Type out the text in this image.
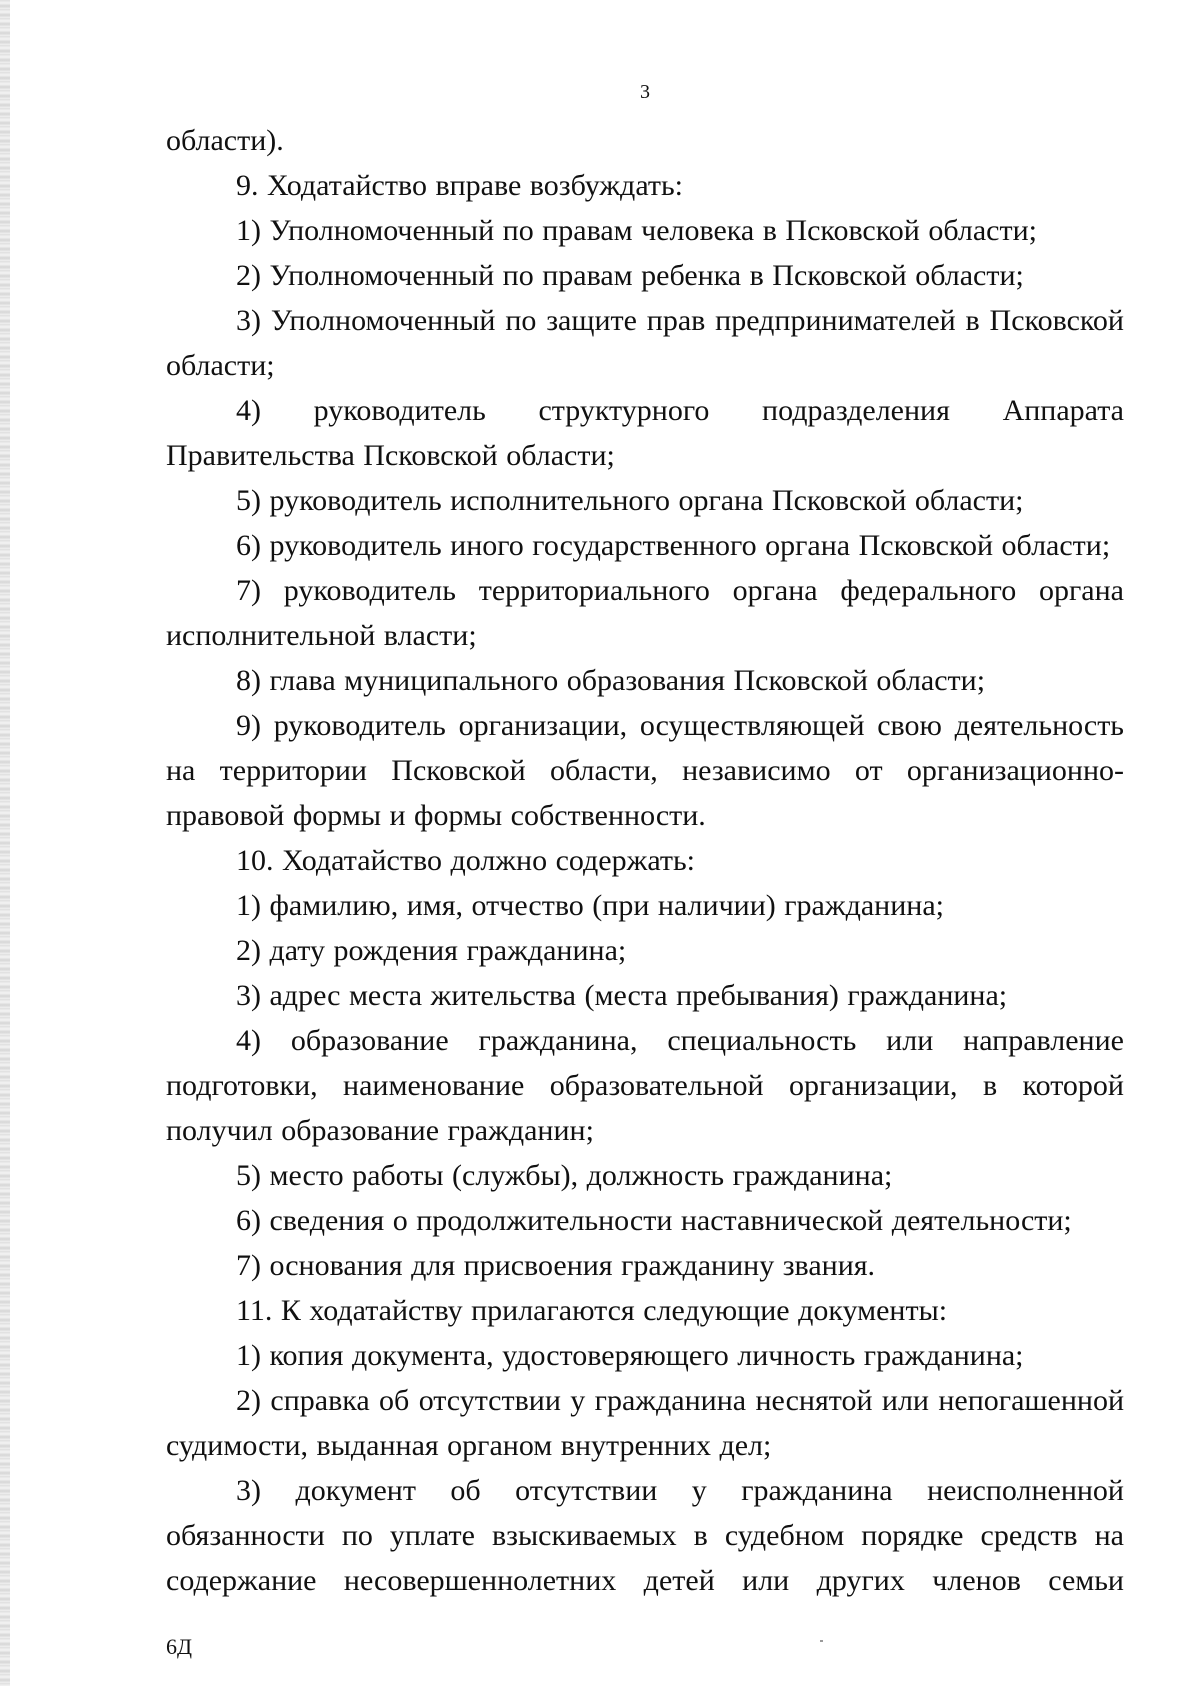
3

области).

9. Ходатайство вправе возбуждать:

1) Уполномоченный по правам человека в Псковской области;

2) Уполномоченный по правам ребенка в Псковской области;

3) Уполномоченный по защите прав предпринимателей в Псковской области;

4) руководитель структурного подразделения Аппарата Правительства Псковской области;

5) руководитель исполнительного органа Псковской области;

6) руководитель иного государственного органа Псковской области;

7) руководитель территориального органа федерального органа исполнительной власти;

8) глава муниципального образования Псковской области;

9) руководитель организации, осуществляющей свою деятельность на территории Псковской области, независимо от организационно-правовой формы и формы собственности.

10. Ходатайство должно содержать:

1) фамилию, имя, отчество (при наличии) гражданина;

2) дату рождения гражданина;

3) адрес места жительства (места пребывания) гражданина;

4) образование гражданина, специальность или направление подготовки, наименование образовательной организации, в которой получил образование гражданин;

5) место работы (службы), должность гражданина;

6) сведения о продолжительности наставнической деятельности;

7) основания для присвоения гражданину звания.

11. К ходатайству прилагаются следующие документы:

1) копия документа, удостоверяющего личность гражданина;

2) справка об отсутствии у гражданина неснятой или непогашенной судимости, выданная органом внутренних дел;

3) документ об отсутствии у гражданина неисполненной обязанности по уплате взыскиваемых в судебном порядке средств на содержание несовершеннолетних детей или других членов семьи

6Д
